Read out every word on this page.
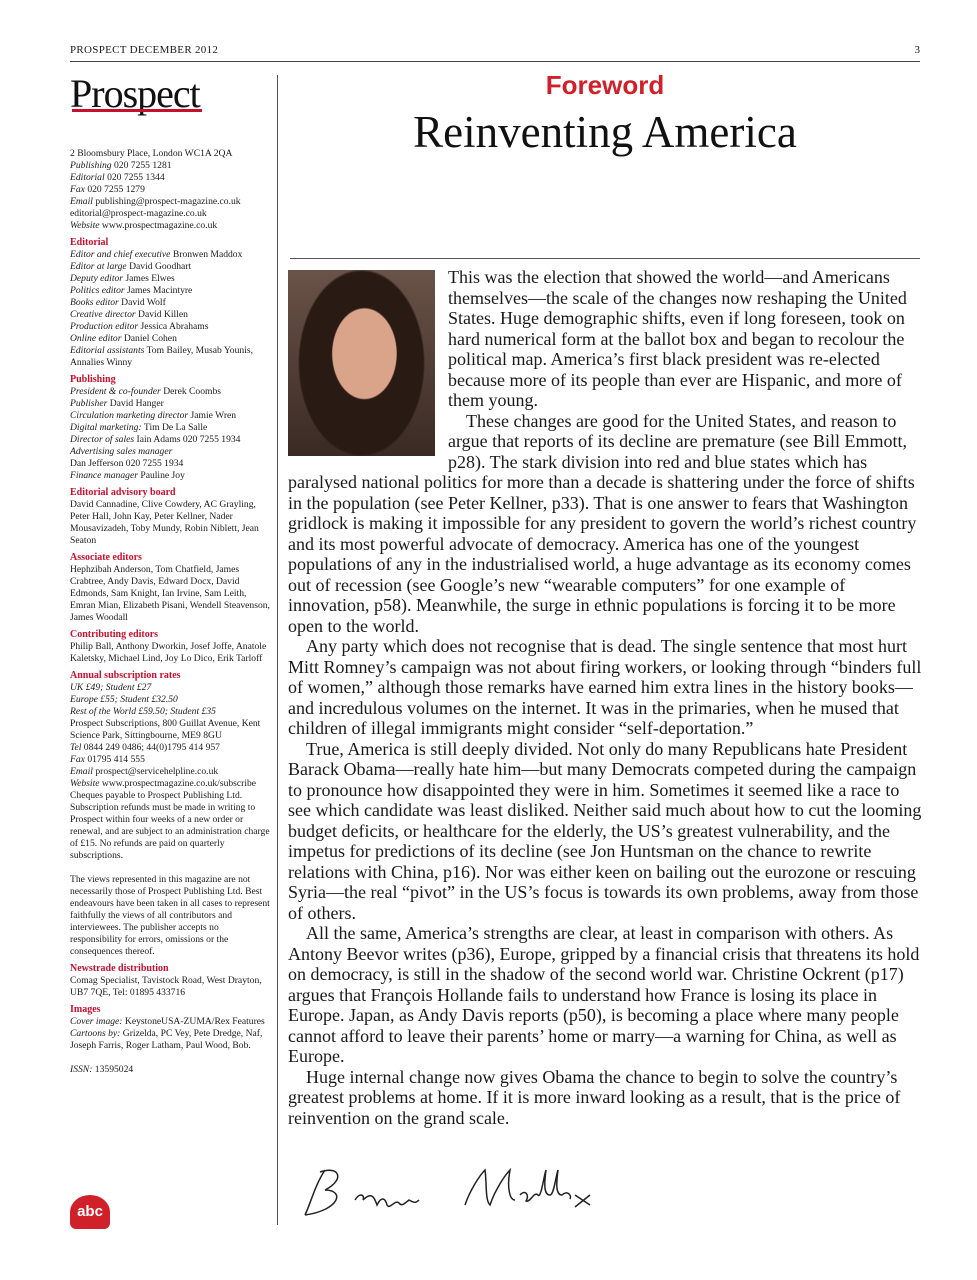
PROSPECT DECEMBER 2012	3
Prospect
2 Bloomsbury Place, London WC1A 2QA
Publishing 020 7255 1281
Editorial 020 7255 1344
Fax 020 7255 1279
Email publishing@prospect-magazine.co.uk
editorial@prospect-magazine.co.uk
Website www.prospectmagazine.co.uk
Editorial
Editor and chief executive Bronwen Maddox
Editor at large David Goodhart
Deputy editor James Elwes
Politics editor James Macintyre
Books editor David Wolf
Creative director David Killen
Production editor Jessica Abrahams
Online editor Daniel Cohen
Editorial assistants Tom Bailey, Musab Younis, Annalies Winny
Publishing
President & co-founder Derek Coombs
Publisher David Hanger
Circulation marketing director Jamie Wren
Digital marketing: Tim De La Salle
Director of sales Iain Adams 020 7255 1934
Advertising sales manager
Dan Jefferson 020 7255 1934
Finance manager Pauline Joy
Editorial advisory board
David Cannadine, Clive Cowdery, AC Grayling, Peter Hall, John Kay, Peter Kellner, Nader Mousavizadeh, Toby Mundy, Robin Niblett, Jean Seaton
Associate editors
Hephzibah Anderson, Tom Chatfield, James Crabtree, Andy Davis, Edward Docx, David Edmonds, Sam Knight, Ian Irvine, Sam Leith, Emran Mian, Elizabeth Pisani, Wendell Steavenson, James Woodall
Contributing editors
Philip Ball, Anthony Dworkin, Josef Joffe, Anatole Kaletsky, Michael Lind, Joy Lo Dico, Erik Tarloff
Annual subscription rates
UK £49; Student £27
Europe £55; Student £32.50
Rest of the World £59.50; Student £35
Prospect Subscriptions, 800 Guillat Avenue, Kent Science Park, Sittingbourne, ME9 8GU
Tel 0844 249 0486; 44(0)1795 414 957
Fax 01795 414 555
Email prospect@servicehelpline.co.uk
Website www.prospectmagazine.co.uk/subscribe
Cheques payable to Prospect Publishing Ltd. Subscription refunds must be made in writing to Prospect within four weeks of a new order or renewal, and are subject to an administration charge of £15. No refunds are paid on quarterly subscriptions.
The views represented in this magazine are not necessarily those of Prospect Publishing Ltd. Best endeavours have been taken in all cases to represent faithfully the views of all contributors and interviewees. The publisher accepts no responsibility for errors, omissions or the consequences thereof.
Newstrade distribution
Comag Specialist, Tavistock Road, West Drayton, UB7 7QE, Tel: 01895 433716
Images
Cover image: KeystoneUSA-ZUMA/Rex Features
Cartoons by: Grizelda, PC Vey, Pete Dredge, Naf, Joseph Farris, Roger Latham, Paul Wood, Bob.
ISSN: 13595024
Foreword
Reinventing America

This was the election that showed the world—and Americans themselves—the scale of the changes now reshaping the United States. Huge demographic shifts, even if long foreseen, took on hard numerical form at the ballot box and began to recolour the political map. America’s first black president was re-elected because more of its people than ever are Hispanic, and more of them young.

These changes are good for the United States, and reason to argue that reports of its decline are premature (see Bill Emmott, p28). The stark division into red and blue states which has paralysed national politics for more than a decade is shattering under the force of shifts in the population (see Peter Kellner, p33). That is one answer to fears that Washington gridlock is making it impossible for any president to govern the world’s richest country and its most powerful advocate of democracy. America has one of the youngest populations of any in the industrialised world, a huge advantage as its economy comes out of recession (see Google’s new “wearable computers” for one example of innovation, p58). Meanwhile, the surge in ethnic populations is forcing it to be more open to the world.

Any party which does not recognise that is dead. The single sentence that most hurt Mitt Romney’s campaign was not about firing workers, or looking through “binders full of women,” although those remarks have earned him extra lines in the history books—and incredulous volumes on the internet. It was in the primaries, when he mused that children of illegal immigrants might consider “self-deportation.”

True, America is still deeply divided. Not only do many Republicans hate President Barack Obama—really hate him—but many Democrats competed during the campaign to pronounce how disappointed they were in him. Sometimes it seemed like a race to see which candidate was least disliked. Neither said much about how to cut the looming budget deficits, or healthcare for the elderly, the US’s greatest vulnerability, and the impetus for predictions of its decline (see Jon Huntsman on the chance to rewrite relations with China, p16). Nor was either keen on bailing out the eurozone or rescuing Syria—the real “pivot” in the US’s focus is towards its own problems, away from those of others.

All the same, America’s strengths are clear, at least in comparison with others. As Antony Beevor writes (p36), Europe, gripped by a financial crisis that threatens its hold on democracy, is still in the shadow of the second world war. Christine Ockrent (p17) argues that François Hollande fails to understand how France is losing its place in Europe. Japan, as Andy Davis reports (p50), is becoming a place where many people cannot afford to leave their parents’ home or marry—a warning for China, as well as Europe.

Huge internal change now gives Obama the chance to begin to solve the country’s greatest problems at home. If it is more inward looking as a result, that is the price of reinvention on the grand scale.

abc
